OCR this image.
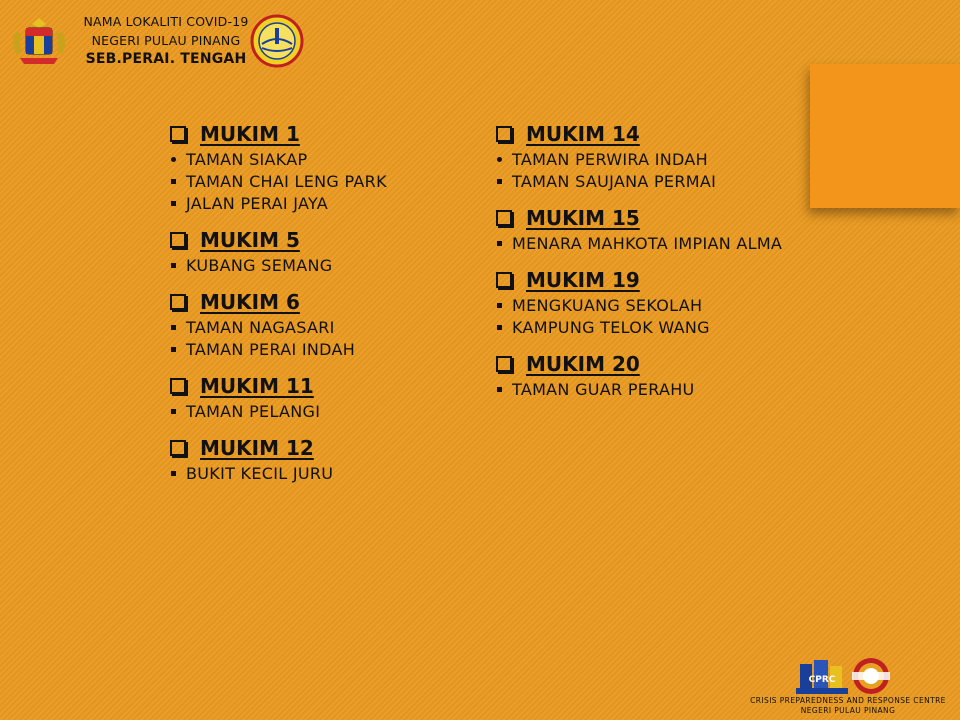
NAMA LOKALITI COVID-19
NEGERI PULAU PINANG
SEB.PERAI. TENGAH
MUKIM 1
TAMAN SIAKAP
TAMAN CHAI LENG PARK
JALAN PERAI JAYA
MUKIM 5
KUBANG SEMANG
MUKIM 6
TAMAN NAGASARI
TAMAN PERAI INDAH
MUKIM 11
TAMAN PELANGI
MUKIM 12
BUKIT KECIL JURU
MUKIM 14
TAMAN PERWIRA INDAH
TAMAN SAUJANA PERMAI
MUKIM 15
MENARA MAHKOTA IMPIAN ALMA
MUKIM 19
MENGKUANG SEKOLAH
KAMPUNG TELOK WANG
MUKIM 20
TAMAN GUAR PERAHU
CPRC
CRISIS PREPAREDNESS AND RESPONSE CENTRE
NEGERI PULAU PINANG
